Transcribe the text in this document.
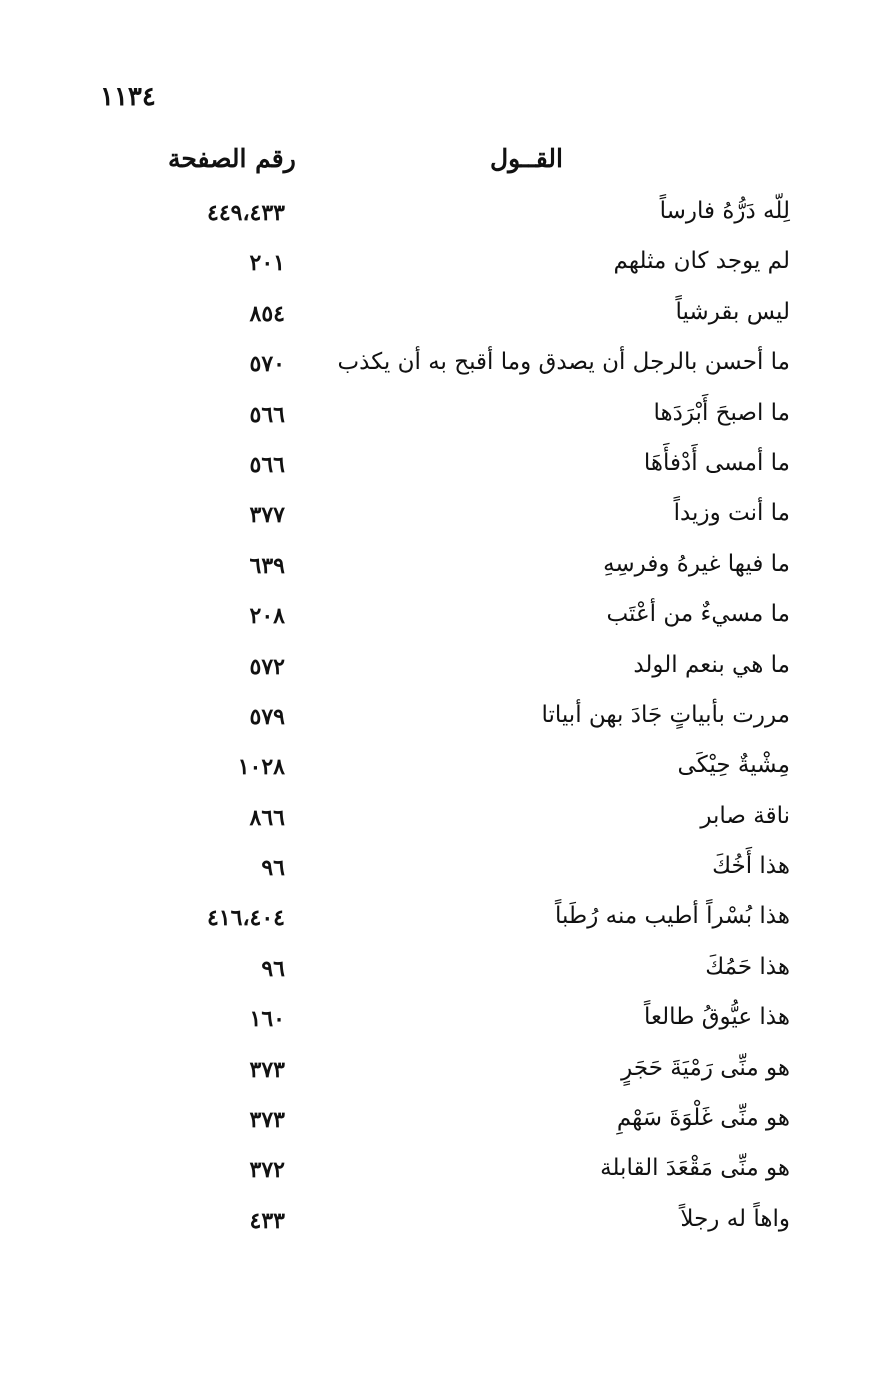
١١٣٤
القــول
رقم الصفحة
لِلّه دَرُّهُ فارساً
٤٤٩،٤٣٣
لم يوجد كان مثلهم
٢٠١
ليس بقرشياً
٨٥٤
ما أحسن بالرجل أن يصدق وما أقبح به أن يكذب
٥٧٠
ما اصبحَ أَبْرَدَها
٥٦٦
ما أمسى أَدْفأَهَا
٥٦٦
ما أنت وزيداً
٣٧٧
ما فيها غيرهُ وفرسِهِ
٦٣٩
ما مسيءٌ من أعْتَب
٢٠٨
ما هي بنعم الولد
٥٧٢
مررت بأبياتٍ جَادَ بهن أبياتا
٥٧٩
مِشْيةٌ حِيْكَى
١٠٢٨
ناقة صابر
٨٦٦
هذا أَخُكَ
٩٦
هذا بُسْراً أطيب منه رُطَباً
٤١٦،٤٠٤
هذا حَمُكَ
٩٦
هذا عيُّوقُ طالعاً
١٦٠
هو منِّى رَمْيَةَ حَجَرٍ
٣٧٣
هو منِّى غَلْوَةَ سَهْمِ
٣٧٣
هو منِّى مَقْعَدَ القابلة
٣٧٢
واهاً له رجلاً
٤٣٣
